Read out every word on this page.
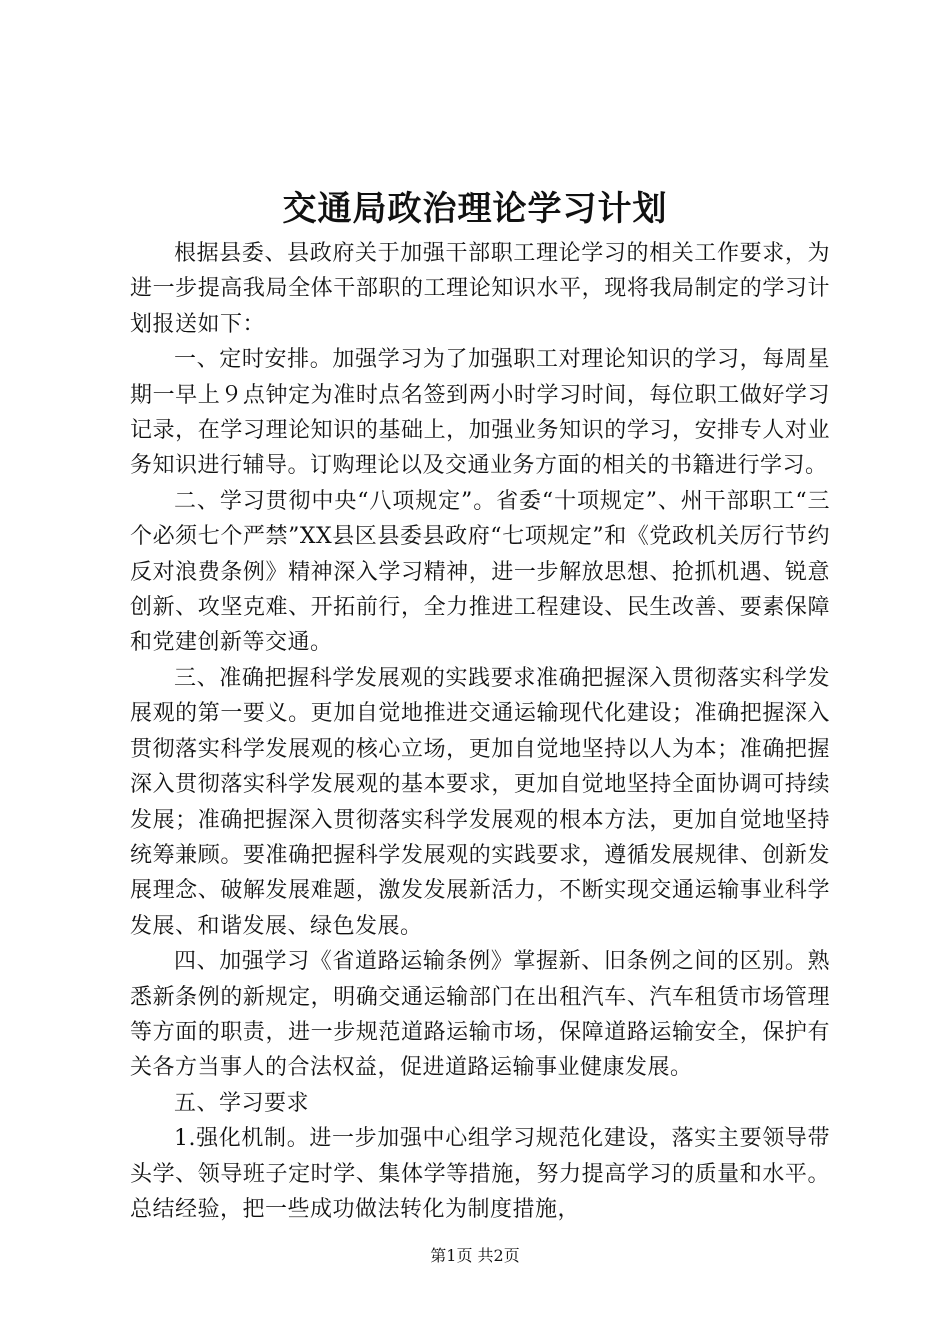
交通局政治理论学习计划

根据县委、县政府关于加强干部职工理论学习的相关工作要求，为进一步提高我局全体干部职的工理论知识水平，现将我局制定的学习计划报送如下：

一、定时安排。加强学习为了加强职工对理论知识的学习，每周星期一早上９点钟定为准时点名签到两小时学习时间，每位职工做好学习记录，在学习理论知识的基础上，加强业务知识的学习，安排专人对业务知识进行辅导。订购理论以及交通业务方面的相关的书籍进行学习。

二、学习贯彻中央“八项规定”。省委“十项规定”、州干部职工“三个必须七个严禁”XX县区县委县政府“七项规定”和《党政机关厉行节约反对浪费条例》精神深入学习精神，进一步解放思想、抢抓机遇、锐意创新、攻坚克难、开拓前行，全力推进工程建设、民生改善、要素保障和党建创新等交通。

三、准确把握科学发展观的实践要求准确把握深入贯彻落实科学发展观的第一要义。更加自觉地推进交通运输现代化建设；准确把握深入贯彻落实科学发展观的核心立场，更加自觉地坚持以人为本；准确把握深入贯彻落实科学发展观的基本要求，更加自觉地坚持全面协调可持续发展；准确把握深入贯彻落实科学发展观的根本方法，更加自觉地坚持统筹兼顾。要准确把握科学发展观的实践要求，遵循发展规律、创新发展理念、破解发展难题，激发发展新活力，不断实现交通运输事业科学发展、和谐发展、绿色发展。

四、加强学习《省道路运输条例》掌握新、旧条例之间的区别。熟悉新条例的新规定，明确交通运输部门在出租汽车、汽车租赁市场管理等方面的职责，进一步规范道路运输市场，保障道路运输安全，保护有关各方当事人的合法权益，促进道路运输事业健康发展。

五、学习要求

1.强化机制。进一步加强中心组学习规范化建设，落实主要领导带头学、领导班子定时学、集体学等措施，努力提高学习的质量和水平。总结经验，把一些成功做法转化为制度措施，

第1页 共2页
